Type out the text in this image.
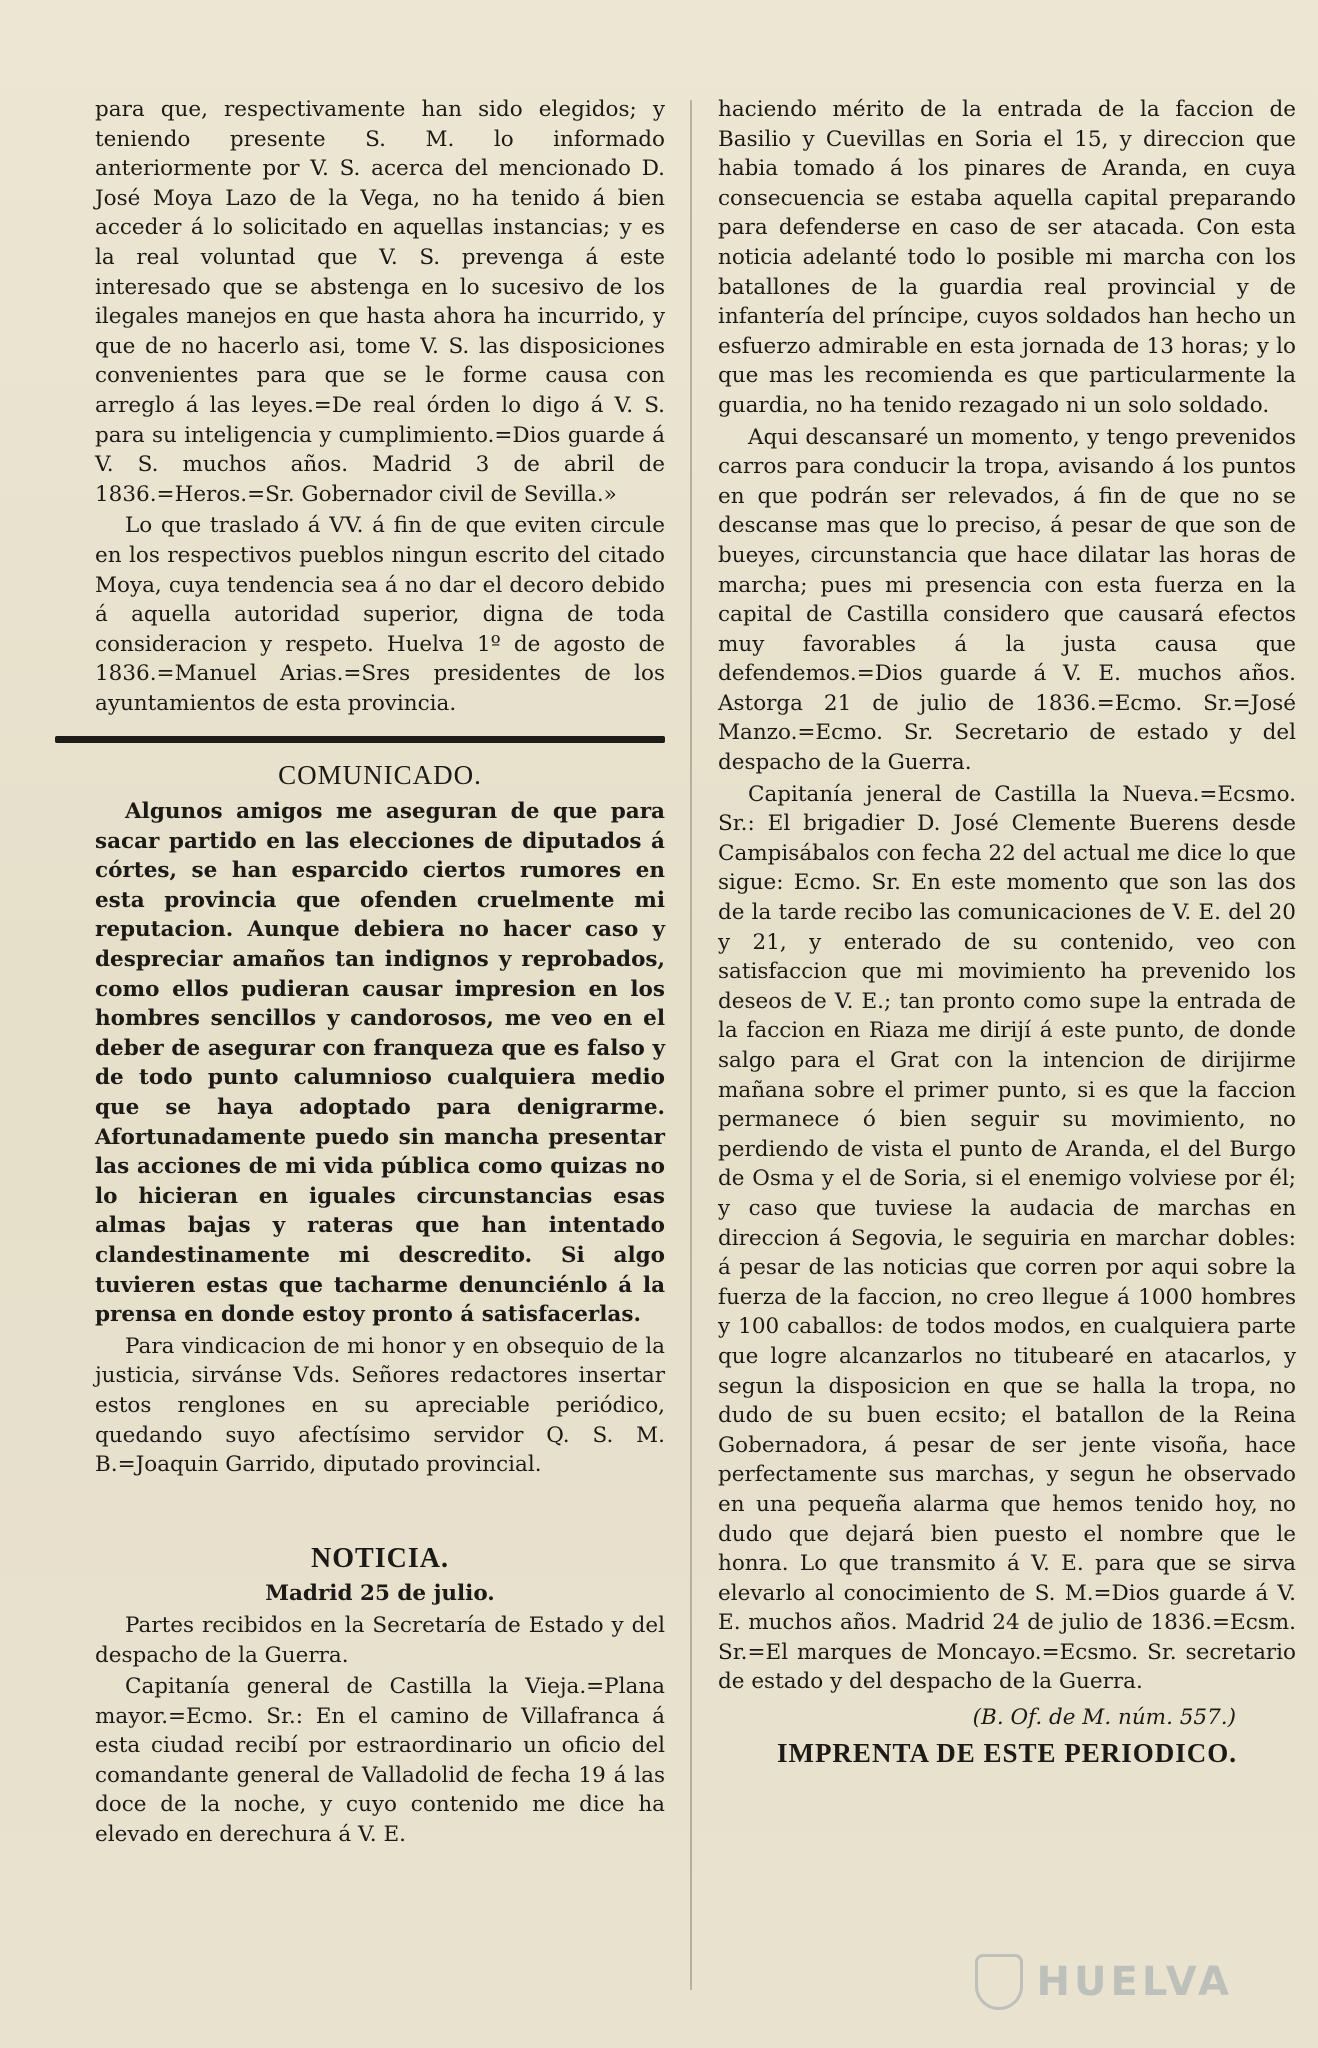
para que, respectivamente han sido elegidos; y teniendo presente S. M. lo informado anteriormente por V. S. acerca del mencionado D. José Moya Lazo de la Vega, no ha tenido á bien acceder á lo solicitado en aquellas instancias; y es la real voluntad que V. S. prevenga á este interesado que se abstenga en lo sucesivo de los ilegales manejos en que hasta ahora ha incurrido, y que de no hacerlo asi, tome V. S. las disposiciones convenientes para que se le forme causa con arreglo á las leyes.=De real órden lo digo á V. S. para su inteligencia y cumplimiento.=Dios guarde á V. S. muchos años. Madrid 3 de abril de 1836.=Heros.=Sr. Gobernador civil de Sevilla.»

Lo que traslado á VV. á fin de que eviten circule en los respectivos pueblos ningun escrito del citado Moya, cuya tendencia sea á no dar el decoro debido á aquella autoridad superior, digna de toda consideracion y respeto. Huelva 1º de agosto de 1836.=Manuel Arias.=Sres presidentes de los ayuntamientos de esta provincia.

COMUNICADO.

Algunos amigos me aseguran de que para sacar partido en las elecciones de diputados á córtes, se han esparcido ciertos rumores en esta provincia que ofenden cruelmente mi reputacion. Aunque debiera no hacer caso y despreciar amaños tan indignos y reprobados, como ellos pudieran causar impresion en los hombres sencillos y candorosos, me veo en el deber de asegurar con franqueza que es falso y de todo punto calumnioso cualquiera medio que se haya adoptado para denigrarme. Afortunadamente puedo sin mancha presentar las acciones de mi vida pública como quizas no lo hicieran en iguales circunstancias esas almas bajas y rateras que han intentado clandestinamente mi descredito. Si algo tuvieren estas que tacharme denunciénlo á la prensa en donde estoy pronto á satisfacerlas.

Para vindicacion de mi honor y en obsequio de la justicia, sirvánse Vds. Señores redactores insertar estos renglones en su apreciable periódico, quedando suyo afectísimo servidor Q. S. M. B.=Joaquin Garrido, diputado provincial.

NOTICIA.

Madrid 25 de julio.

Partes recibidos en la Secretaría de Estado y del despacho de la Guerra.

Capitanía general de Castilla la Vieja.=Plana mayor.=Ecmo. Sr.: En el camino de Villafranca á esta ciudad recibí por estraordinario un oficio del comandante general de Valladolid de fecha 19 á las doce de la noche, y cuyo contenido me dice ha elevado en derechura á V. E.

haciendo mérito de la entrada de la faccion de Basilio y Cuevillas en Soria el 15, y direccion que habia tomado á los pinares de Aranda, en cuya consecuencia se estaba aquella capital preparando para defenderse en caso de ser atacada. Con esta noticia adelanté todo lo posible mi marcha con los batallones de la guardia real provincial y de infantería del príncipe, cuyos soldados han hecho un esfuerzo admirable en esta jornada de 13 horas; y lo que mas les recomienda es que particularmente la guardia, no ha tenido rezagado ni un solo soldado.

Aqui descansaré un momento, y tengo prevenidos carros para conducir la tropa, avisando á los puntos en que podrán ser relevados, á fin de que no se descanse mas que lo preciso, á pesar de que son de bueyes, circunstancia que hace dilatar las horas de marcha; pues mi presencia con esta fuerza en la capital de Castilla considero que causará efectos muy favorables á la justa causa que defendemos.=Dios guarde á V. E. muchos años. Astorga 21 de julio de 1836.=Ecmo. Sr.=José Manzo.=Ecmo. Sr. Secretario de estado y del despacho de la Guerra.

Capitanía jeneral de Castilla la Nueva.=Ecsmo. Sr.: El brigadier D. José Clemente Buerens desde Campisábalos con fecha 22 del actual me dice lo que sigue: Ecmo. Sr. En este momento que son las dos de la tarde recibo las comunicaciones de V. E. del 20 y 21, y enterado de su contenido, veo con satisfaccion que mi movimiento ha prevenido los deseos de V. E.; tan pronto como supe la entrada de la faccion en Riaza me dirijí á este punto, de donde salgo para el Grat con la intencion de dirijirme mañana sobre el primer punto, si es que la faccion permanece ó bien seguir su movimiento, no perdiendo de vista el punto de Aranda, el del Burgo de Osma y el de Soria, si el enemigo volviese por él; y caso que tuviese la audacia de marchas en direccion á Segovia, le seguiria en marchar dobles: á pesar de las noticias que corren por aqui sobre la fuerza de la faccion, no creo llegue á 1000 hombres y 100 caballos: de todos modos, en cualquiera parte que logre alcanzarlos no titubearé en atacarlos, y segun la disposicion en que se halla la tropa, no dudo de su buen ecsito; el batallon de la Reina Gobernadora, á pesar de ser jente visoña, hace perfectamente sus marchas, y segun he observado en una pequeña alarma que hemos tenido hoy, no dudo que dejará bien puesto el nombre que le honra. Lo que transmito á V. E. para que se sirva elevarlo al conocimiento de S. M.=Dios guarde á V. E. muchos años. Madrid 24 de julio de 1836.=Ecsm. Sr.=El marques de Moncayo.=Ecsmo. Sr. secretario de estado y del despacho de la Guerra.

(B. Of. de M. núm. 557.)

IMPRENTA DE ESTE PERIODICO.
HUELVA
